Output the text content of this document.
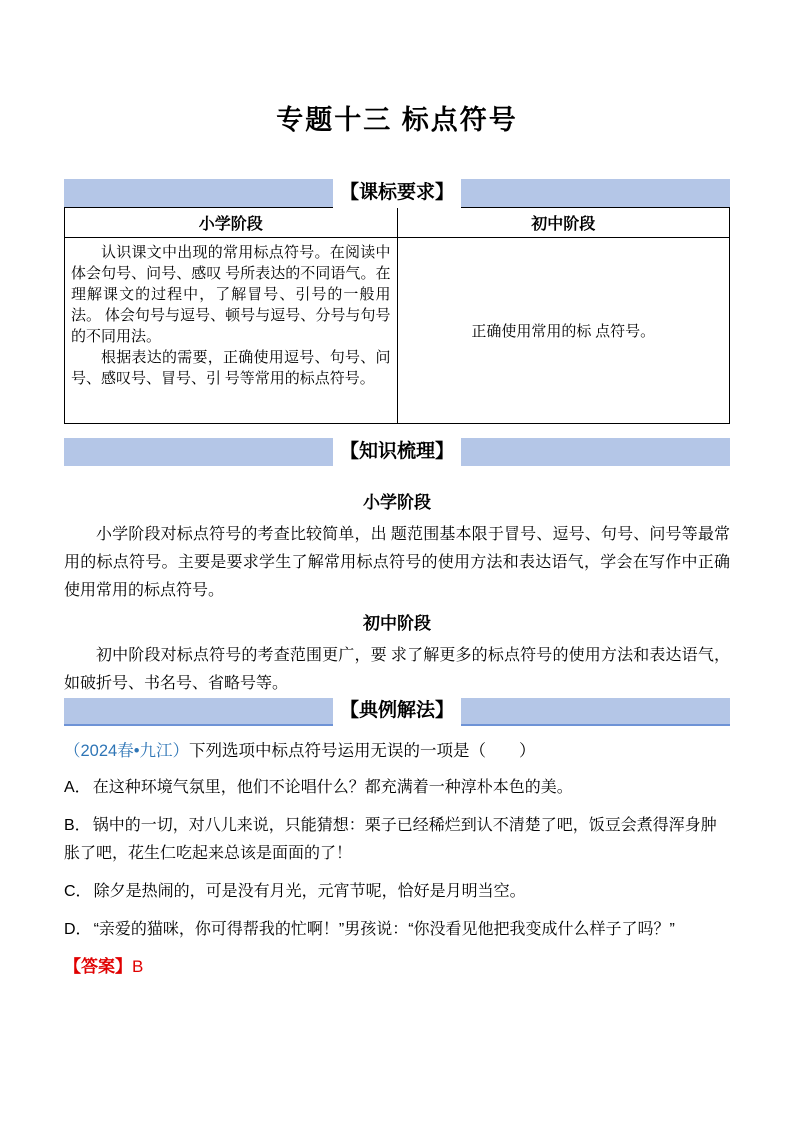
专题十三 标点符号
【课标要求】
小学阶段	初中阶段

认识课文中出现的常用标点符号。在阅读中体会句号、问号、感叹 号所表达的不同语气。在理解课文的过程中，了解冒号、引号的一般用法。 体会句号与逗号、顿号与逗号、分号与句号的不同用法。

根据表达的需要，正确使用逗号、句号、问号、感叹号、冒号、引 号等常用的标点符号。	正确使用常用的标 点符号。

【知识梳理】
小学阶段

小学阶段对标点符号的考查比较简单，出 题范围基本限于冒号、逗号、句号、问号等最常 用的标点符号。主要是要求学生了解常用标点符号的使用方法和表达语气，学会在写作中正确使用常用的标点符号。

初中阶段

初中阶段对标点符号的考查范围更广，要 求了解更多的标点符号的使用方法和表达语气，如破折号、书名号、省略号等。

【典例解法】

（2024春•九江）下列选项中标点符号运用无误的一项是（　　）

A． 在这种环境气氛里，他们不论唱什么？都充满着一种淳朴本色的美。

B． 锅中的一切，对八儿来说，只能猜想：栗子已经稀烂到认不清楚了吧，饭豆会煮得浑身肿胀了吧，花生仁吃起来总该是面面的了！

C． 除夕是热闹的，可是没有月光，元宵节呢，恰好是月明当空。

D． “亲爱的猫咪，你可得帮我的忙啊！”男孩说：“你没看见他把我变成什么样子了吗？”

【答案】B
